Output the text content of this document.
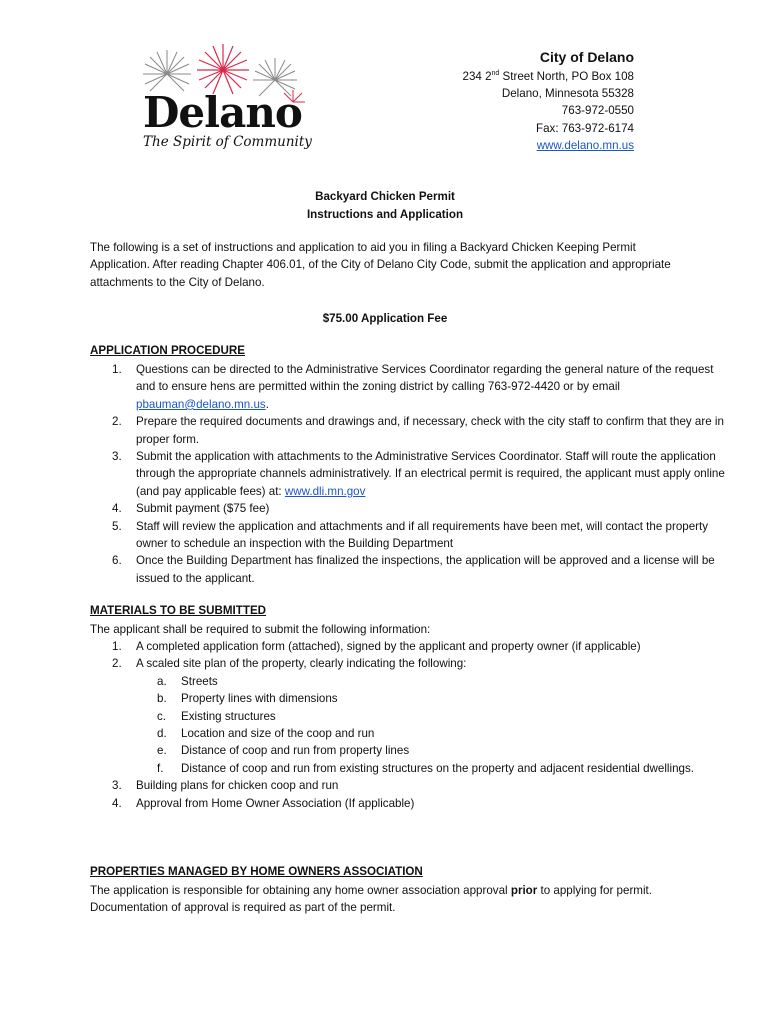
Delano
The Spirit of Community
City of Delano
234 2nd Street North, PO Box 108
Delano, Minnesota 55328
763-972-0550
Fax: 763-972-6174
www.delano.mn.us
Backyard Chicken Permit
Instructions and Application
The following is a set of instructions and application to aid you in filing a Backyard Chicken Keeping Permit Application. After reading Chapter 406.01, of the City of Delano City Code, submit the application and appropriate attachments to the City of Delano.
$75.00 Application Fee
APPLICATION PROCEDURE
1. Questions can be directed to the Administrative Services Coordinator regarding the general nature of the request and to ensure hens are permitted within the zoning district by calling 763-972-4420 or by email pbauman@delano.mn.us.
2. Prepare the required documents and drawings and, if necessary, check with the city staff to confirm that they are in proper form.
3. Submit the application with attachments to the Administrative Services Coordinator. Staff will route the application through the appropriate channels administratively. If an electrical permit is required, the applicant must apply online (and pay applicable fees) at: www.dli.mn.gov
4. Submit payment ($75 fee)
5. Staff will review the application and attachments and if all requirements have been met, will contact the property owner to schedule an inspection with the Building Department
6. Once the Building Department has finalized the inspections, the application will be approved and a license will be issued to the applicant.
MATERIALS TO BE SUBMITTED
The applicant shall be required to submit the following information:
1. A completed application form (attached), signed by the applicant and property owner (if applicable)
2. A scaled site plan of the property, clearly indicating the following:
a. Streets
b. Property lines with dimensions
c. Existing structures
d. Location and size of the coop and run
e. Distance of coop and run from property lines
f. Distance of coop and run from existing structures on the property and adjacent residential dwellings.
3. Building plans for chicken coop and run
4. Approval from Home Owner Association (If applicable)
PROPERTIES MANAGED BY HOME OWNERS ASSOCIATION
The application is responsible for obtaining any home owner association approval prior to applying for permit. Documentation of approval is required as part of the permit.
